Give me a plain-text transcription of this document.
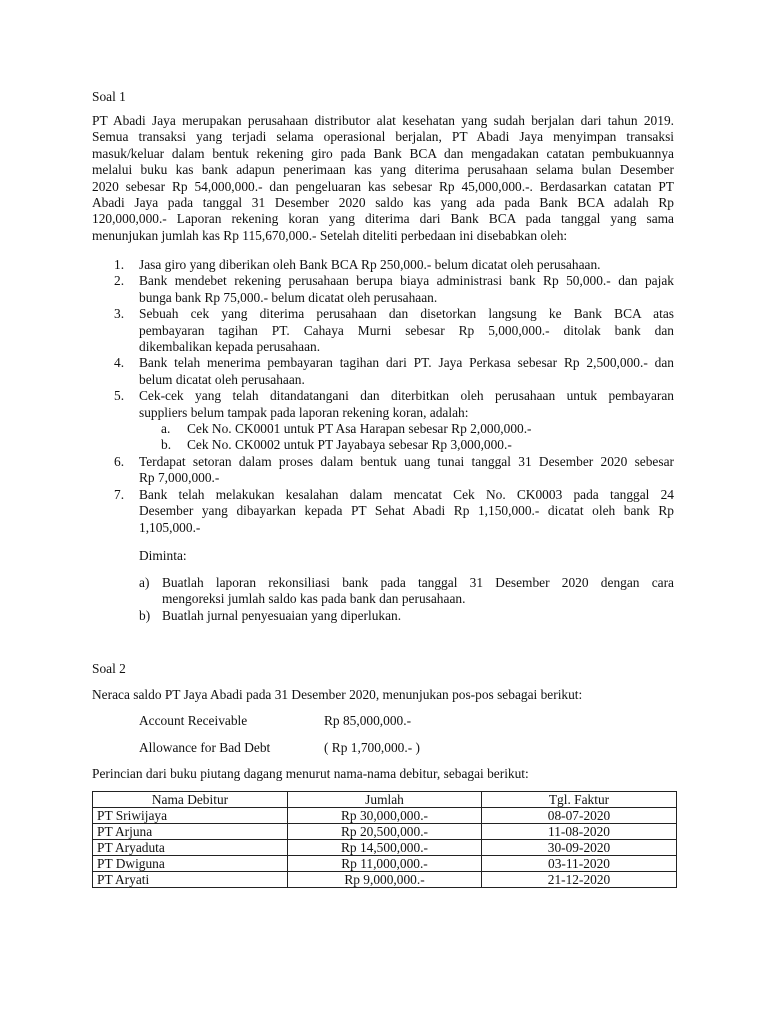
Soal 1

PT Abadi Jaya merupakan perusahaan distributor alat kesehatan yang sudah berjalan dari tahun 2019.

Semua transaksi yang terjadi selama operasional berjalan, PT Abadi Jaya menyimpan transaksi

masuk/keluar dalam bentuk rekening giro pada Bank BCA dan mengadakan catatan pembukuannya

melalui buku kas bank adapun penerimaan kas yang diterima perusahaan selama bulan Desember

2020 sebesar Rp 54,000,000.- dan pengeluaran kas sebesar Rp 45,000,000.-. Berdasarkan catatan PT

Abadi Jaya pada tanggal 31 Desember 2020 saldo kas yang ada pada Bank BCA adalah Rp

120,000,000.- Laporan rekening koran yang diterima dari Bank BCA pada tanggal yang sama

menunjukan jumlah kas Rp 115,670,000.- Setelah diteliti perbedaan ini disebabkan oleh:

1. Jasa giro yang diberikan oleh Bank BCA Rp 250,000.- belum dicatat oleh perusahaan.

2. Bank mendebet rekening perusahaan berupa biaya administrasi bank Rp 50,000.- dan pajak

bunga bank Rp 75,000.- belum dicatat oleh perusahaan.

3. Sebuah cek yang diterima perusahaan dan disetorkan langsung ke Bank BCA atas

pembayaran tagihan PT. Cahaya Murni sebesar Rp 5,000,000.- ditolak bank dan

dikembalikan kepada perusahaan.

4. Bank telah menerima pembayaran tagihan dari PT. Jaya Perkasa sebesar Rp 2,500,000.- dan

belum dicatat oleh perusahaan.

5. Cek-cek yang telah ditandatangani dan diterbitkan oleh perusahaan untuk pembayaran

suppliers belum tampak pada laporan rekening koran, adalah:

a. Cek No. CK0001 untuk PT Asa Harapan sebesar Rp 2,000,000.-
b. Cek No. CK0002 untuk PT Jayabaya sebesar Rp 3,000,000.-
6. Terdapat setoran dalam proses dalam bentuk uang tunai tanggal 31 Desember 2020 sebesar

Rp 7,000,000.-

7. Bank telah melakukan kesalahan dalam mencatat Cek No. CK0003 pada tanggal 24

Desember yang dibayarkan kepada PT Sehat Abadi Rp 1,150,000.- dicatat oleh bank Rp

1,105,000.-

Diminta:

a) Buatlah laporan rekonsiliasi bank pada tanggal 31 Desember 2020 dengan cara

mengoreksi jumlah saldo kas pada bank dan perusahaan.

b) Buatlah jurnal penyesuaian yang diperlukan.

Soal 2

Neraca saldo PT Jaya Abadi pada 31 Desember 2020, menunjukan pos-pos sebagai berikut:

Account Receivable	Rp 85,000,000.-
Allowance for Bad Debt	( Rp 1,700,000.- )

Perincian dari buku piutang dagang menurut nama-nama debitur, sebagai berikut:

Nama Debitur	Jumlah	Tgl. Faktur
PT Sriwijaya	Rp 30,000,000.-	08-07-2020
PT Arjuna	Rp 20,500,000.-	11-08-2020
PT Aryaduta	Rp 14,500,000.-	30-09-2020
PT Dwiguna	Rp 11,000,000.-	03-11-2020
PT Aryati	Rp 9,000,000.-	21-12-2020
